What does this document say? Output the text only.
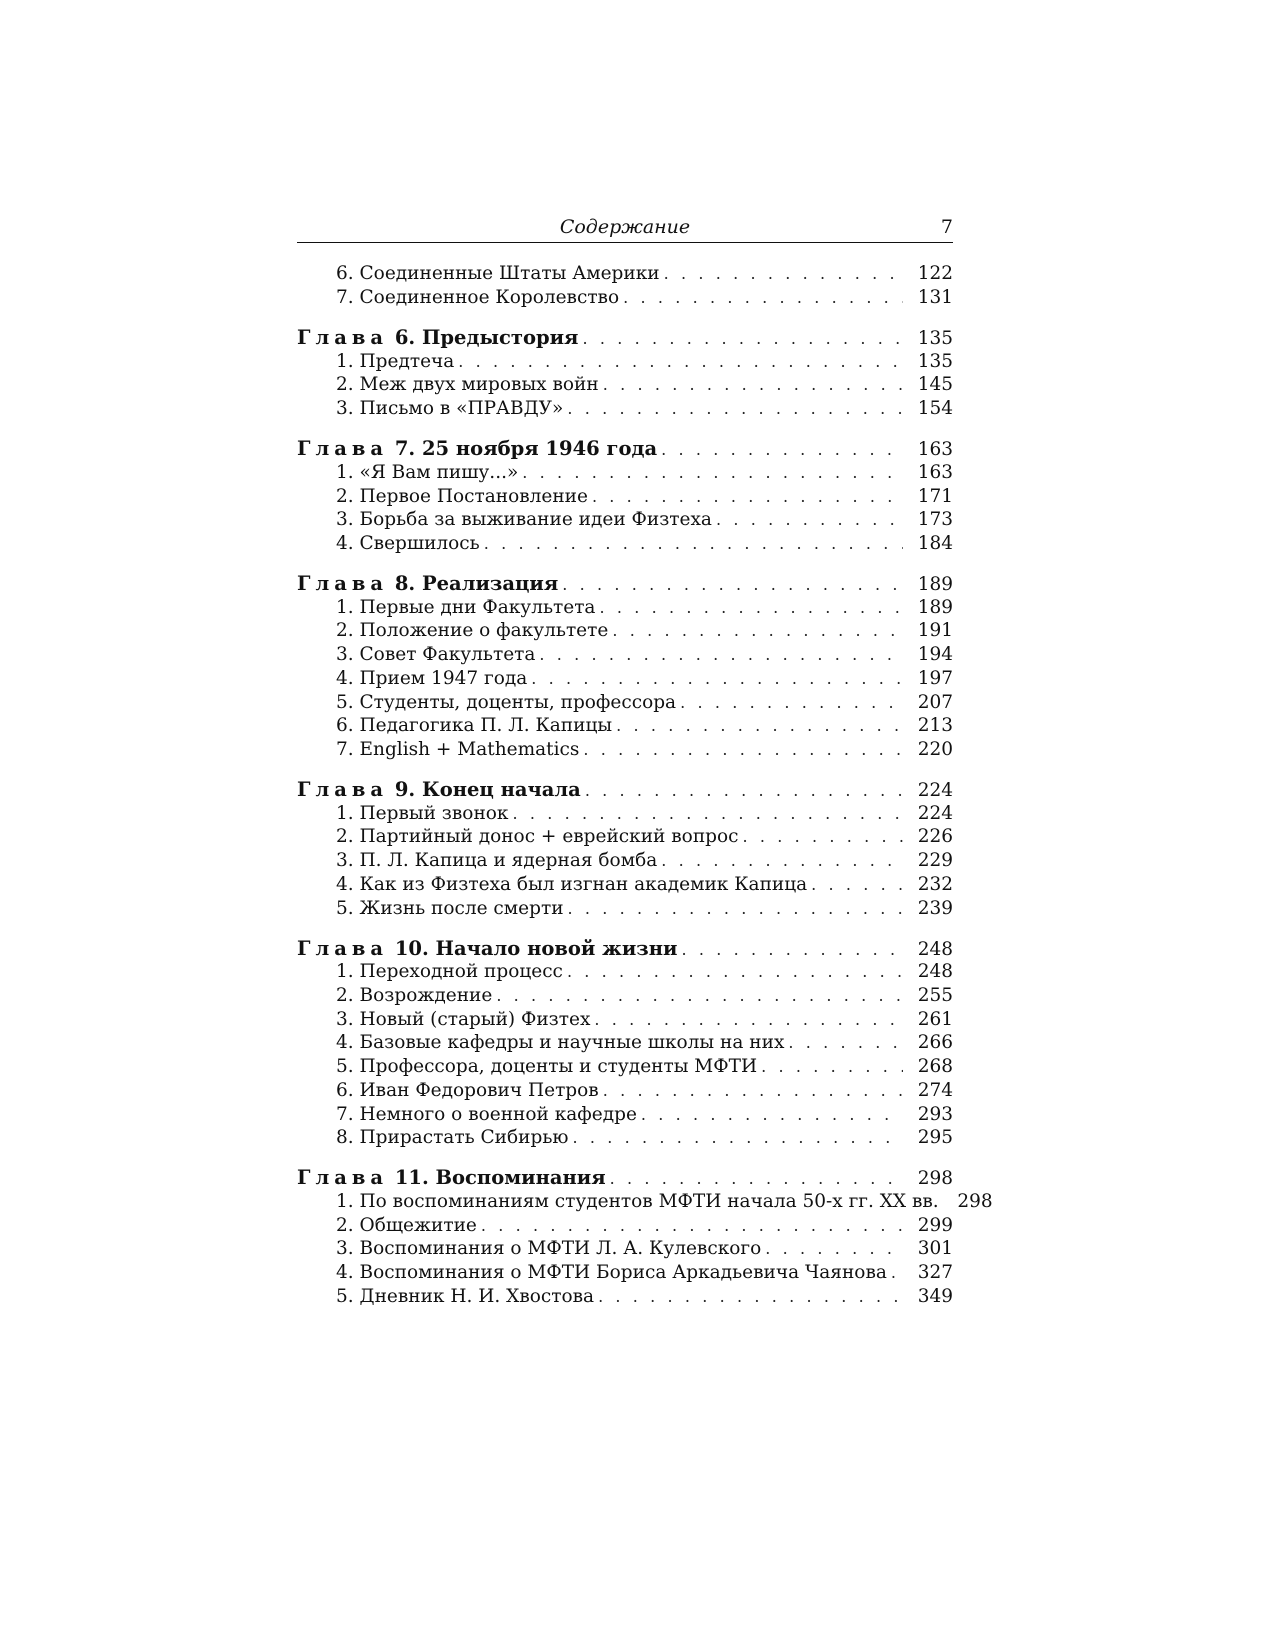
Содержание	7
6. Соединенные Штаты Америки . . .	122
7. Соединенное Королевство . . .	131
Глава 6. Предыстория . . .	135
1. Предтеча . . .	135
2. Меж двух мировых войн . . .	145
3. Письмо в «ПРАВДУ» . . .	154
Глава 7. 25 ноября 1946 года . . .	163
1. «Я Вам пишу...» . . .	163
2. Первое Постановление . . .	171
3. Борьба за выживание идеи Физтеха . . .	173
4. Свершилось . . .	184
Глава 8. Реализация . . .	189
1. Первые дни Факультета . . .	189
2. Положение о факультете . . .	191
3. Совет Факультета . . .	194
4. Прием 1947 года . . .	197
5. Студенты, доценты, профессора . . .	207
6. Педагогика П. Л. Капицы . . .	213
7. English + Mathematics . . .	220
Глава 9. Конец начала . . .	224
1. Первый звонок . . .	224
2. Партийный донос + еврейский вопрос . . .	226
3. П. Л. Капица и ядерная бомба . . .	229
4. Как из Физтеха был изгнан академик Капица . . .	232
5. Жизнь после смерти . . .	239
Глава 10. Начало новой жизни . . .	248
1. Переходной процесс . . .	248
2. Возрождение . . .	255
3. Новый (старый) Физтех . . .	261
4. Базовые кафедры и научные школы на них . . .	266
5. Профессора, доценты и студенты МФТИ . . .	268
6. Иван Федорович Петров . . .	274
7. Немного о военной кафедре . . .	293
8. Прирастать Сибирью . . .	295
Глава 11. Воспоминания . . .	298
1. По воспоминаниям студентов МФТИ начала 50-х гг. XX вв.	298
2. Общежитие . . .	299
3. Воспоминания о МФТИ Л. А. Кулевского . . .	301
4. Воспоминания о МФТИ Бориса Аркадьевича Чаянова . . .	327
5. Дневник Н. И. Хвостова . . .	349
